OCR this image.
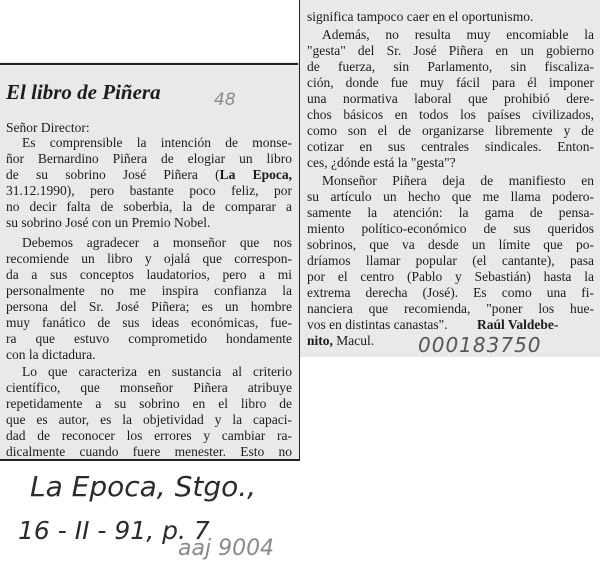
El libro de Piñera	48
Señor Director:
Es comprensible la intención de monse-
ñor Bernardino Piñera de elogiar un libro
de su sobrino José Piñera (La Epoca,
31.12.1990), pero bastante poco feliz, por
no decir falta de soberbia, la de comparar a
su sobrino José con un Premio Nobel.
Debemos agradecer a monseñor que nos
recomiende un libro y ojalá que correspon-
da a sus conceptos laudatorios, pero a mi
personalmente no me inspira confianza la
persona del Sr. José Piñera; es un hombre
muy fanático de sus ideas económicas, fue-
ra que estuvo comprometido hondamente
con la dictadura.
Lo que caracteriza en sustancia al criterio
científico, que monseñor Piñera atribuye
repetidamente a su sobrino en el libro de
que es autor, es la objetividad y la capaci-
dad de reconocer los errores y cambiar ra-
dicalmente cuando fuere menester. Esto no
significa tampoco caer en el oportunismo.
Además, no resulta muy encomiable la
"gesta" del Sr. José Piñera en un gobierno
de fuerza, sin Parlamento, sin fiscaliza-
ción, donde fue muy fácil para él imponer
una normativa laboral que prohibió dere-
chos básicos en todos los países civilizados,
como son el de organizarse libremente y de
cotizar en sus centrales sindicales. Enton-
ces, ¿dónde está la "gesta"?
Monseñor Piñera deja de manifiesto en
su artículo un hecho que me llama podero-
samente la atención: la gama de pensa-
miento político-económico de sus queridos
sobrinos, que va desde un límite que po-
dríamos llamar popular (el cantante), pasa
por el centro (Pablo y Sebastián) hasta la
extrema derecha (José). Es como una fi-
nanciera que recomienda, "poner los hue-
vos en distintas canastas". Raúl Valdebe-
nito, Macul. 000183750
La Epoca, Stgo.,
16 - II - 91, p. 7
aaj 9004
